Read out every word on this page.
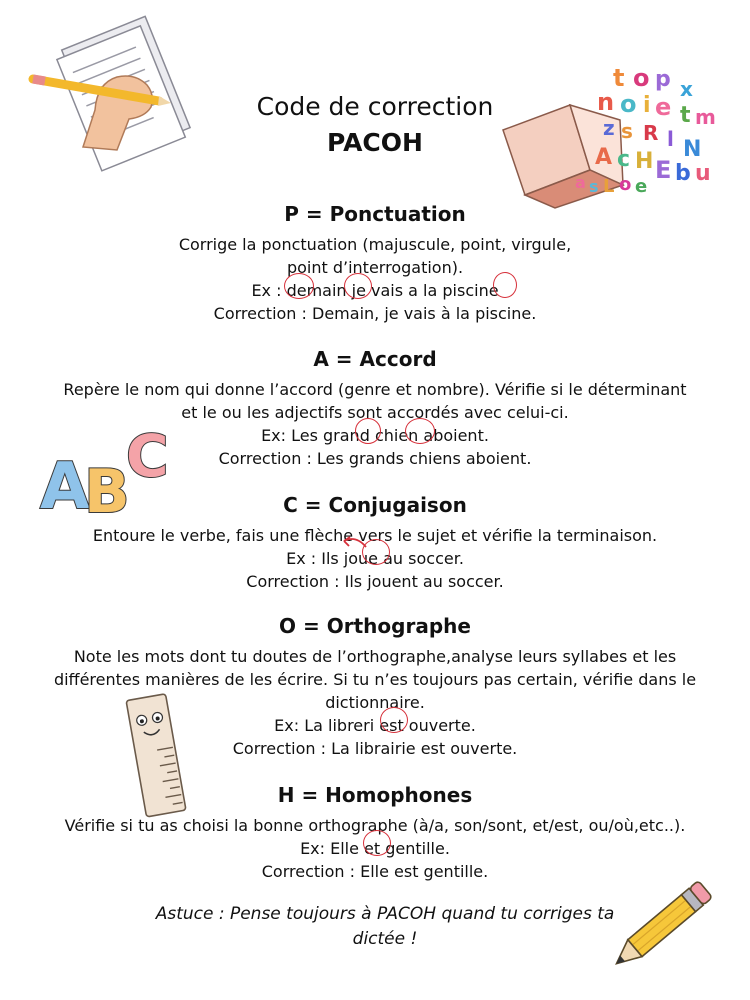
Code de correction
PACOH
P = Ponctuation

Corrige la ponctuation (majuscule, point, virgule,

point d’interrogation).

Ex : demain je vais a la piscine

Correction : Demain, je vais à la piscine.

A = Accord

Repère le nom qui donne l’accord (genre et nombre). Vérifie si le déterminant

et le ou les adjectifs sont accordés avec celui-ci.

Ex: Les grand chien aboient.

Correction : Les grands chiens aboient.

C = Conjugaison

Entoure le verbe, fais une flèche vers le sujet et vérifie la terminaison.

Ex : Ils joue au soccer.

Correction : Ils jouent au soccer.

O = Orthographe

Note les mots dont tu doutes de l’orthographe,analyse leurs syllabes et les

différentes manières de les écrire. Si tu n’es toujours pas certain, vérifie dans le

dictionnaire.

Ex: La libreri est ouverte.

Correction : La librairie est ouverte.

H = Homophones

Vérifie si tu as choisi la bonne orthographe (à/a, son/sont, et/est, ou/où,etc..).

Ex: Elle et gentille.

Correction : Elle est gentille.

Astuce : Pense toujours à PACOH quand tu corriges ta dictée !
t o p x
n o i e t m
z s R l N
A c H E b u
a s L o e
A
B
C
